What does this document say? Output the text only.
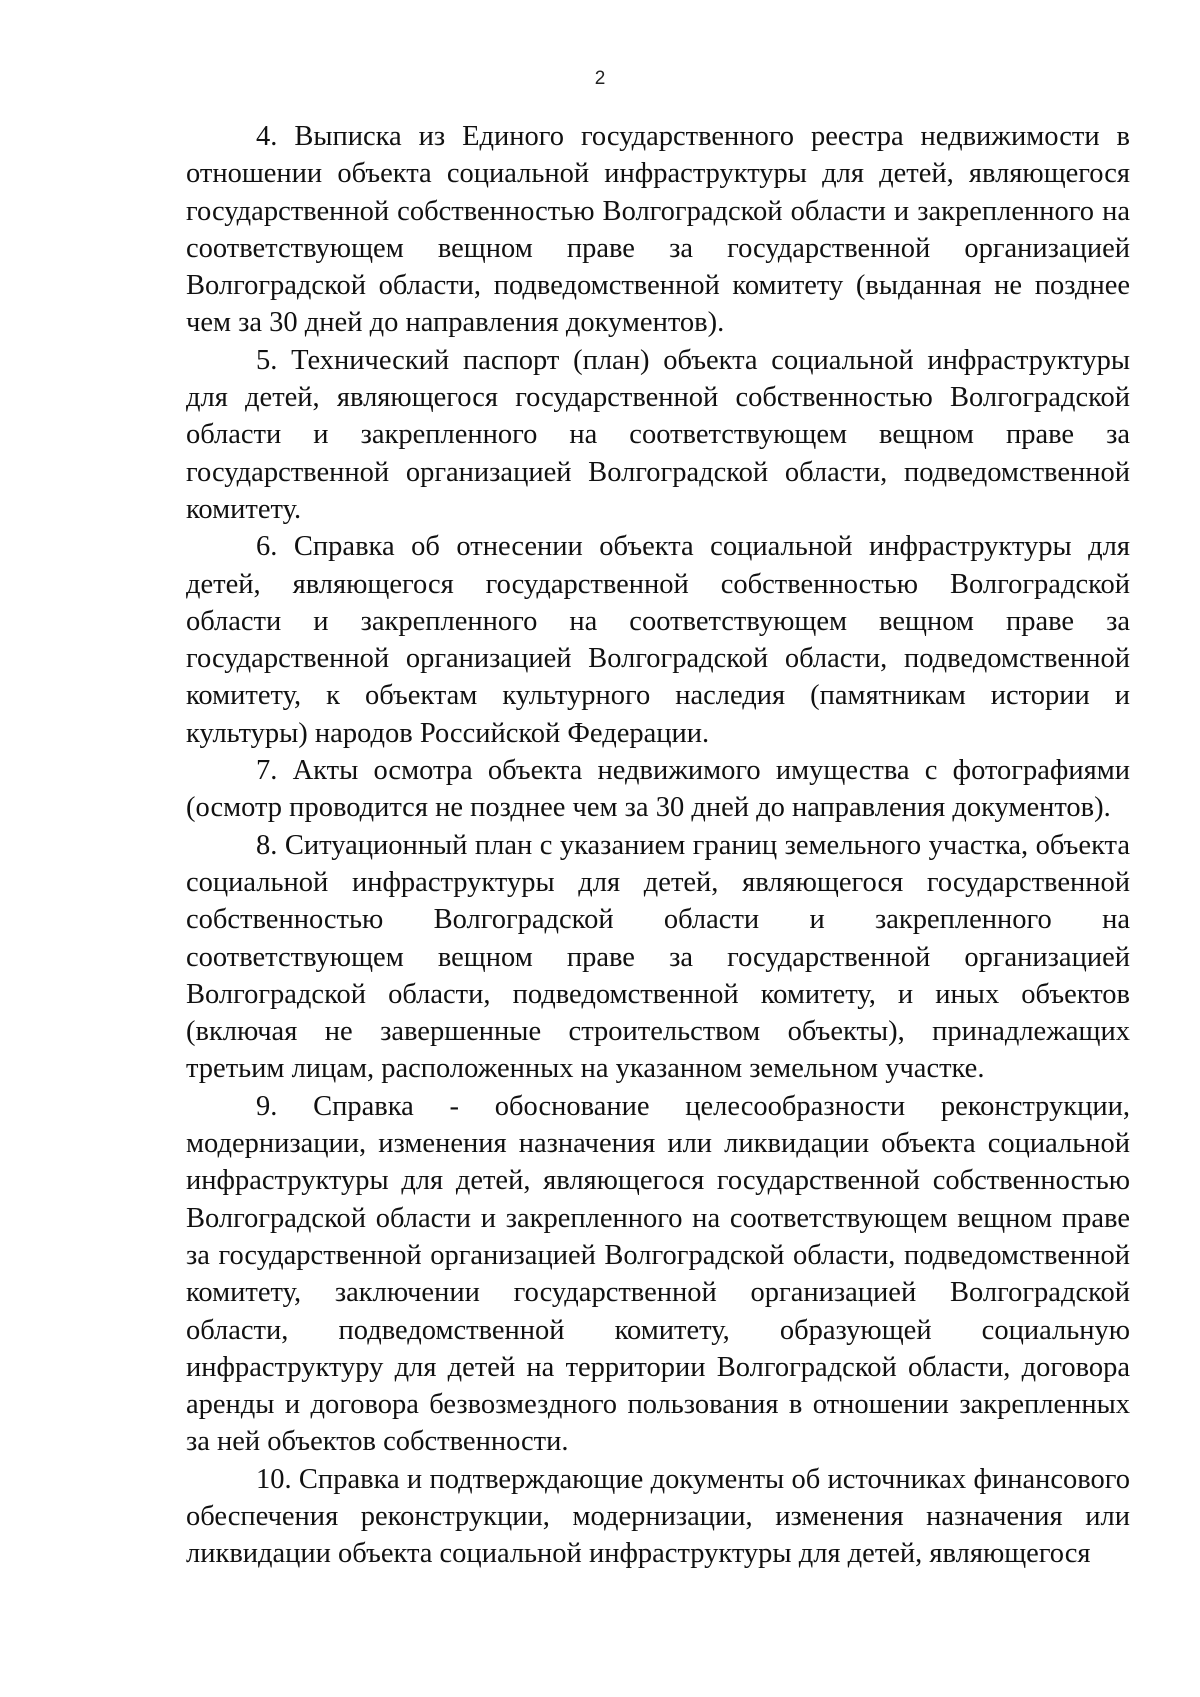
2

4. Выписка из Единого государственного реестра недвижимости в отношении объекта социальной инфраструктуры для детей, являющегося государственной собственностью Волгоградской области и закрепленного на соответствующем вещном праве за государственной организацией Волгоградской области, подведомственной комитету (выданная не позднее чем за 30 дней до направления документов).

5. Технический паспорт (план) объекта социальной инфраструктуры для детей, являющегося государственной собственностью Волгоградской области и закрепленного на соответствующем вещном праве за государственной организацией Волгоградской области, подведомственной комитету.

6. Справка об отнесении объекта социальной инфраструктуры для детей, являющегося государственной собственностью Волгоградской области и закрепленного на соответствующем вещном праве за государственной организацией Волгоградской области, подведомственной комитету, к объектам культурного наследия (памятникам истории и культуры) народов Российской Федерации.

7. Акты осмотра объекта недвижимого имущества с фотографиями (осмотр проводится не позднее чем за 30 дней до направления документов).

8. Ситуационный план с указанием границ земельного участка, объекта социальной инфраструктуры для детей, являющегося государственной собственностью Волгоградской области и закрепленного на соответствующем вещном праве за государственной организацией Волгоградской области, подведомственной комитету, и иных объектов (включая не завершенные строительством объекты), принадлежащих третьим лицам, расположенных на указанном земельном участке.

9. Справка - обоснование целесообразности реконструкции, модернизации, изменения назначения или ликвидации объекта социальной инфраструктуры для детей, являющегося государственной собственностью Волгоградской области и закрепленного на соответствующем вещном праве за государственной организацией Волгоградской области, подведомственной комитету, заключении государственной организацией Волгоградской области, подведомственной комитету, образующей социальную инфраструктуру для детей на территории Волгоградской области, договора аренды и договора безвозмездного пользования в отношении закрепленных за ней объектов собственности.

10. Справка и подтверждающие документы об источниках финансового обеспечения реконструкции, модернизации, изменения назначения или ликвидации объекта социальной инфраструктуры для детей, являющегося
